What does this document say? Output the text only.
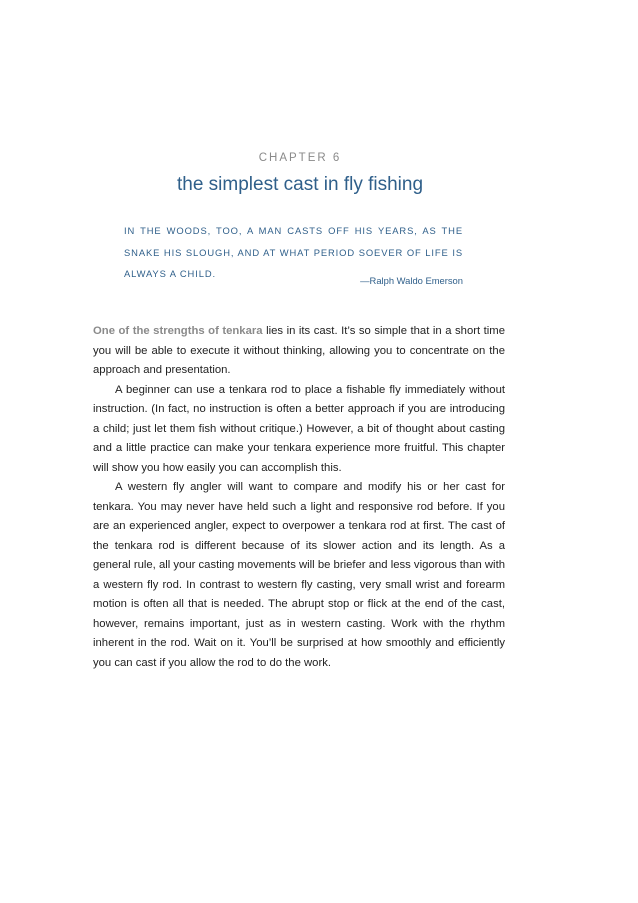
CHAPTER 6
the simplest cast in fly fishing
IN THE WOODS, TOO, A MAN CASTS OFF HIS YEARS, AS THE SNAKE HIS SLOUGH, AND AT WHAT PERIOD SOEVER OF LIFE IS ALWAYS A CHILD.
—Ralph Waldo Emerson

One of the strengths of tenkara lies in its cast. It’s so simple that in a short time you will be able to execute it without thinking, allowing you to concentrate on the approach and presentation.

A beginner can use a tenkara rod to place a fishable fly immediately without instruction. (In fact, no instruction is often a better approach if you are introducing a child; just let them fish without critique.) However, a bit of thought about casting and a little practice can make your tenkara experience more fruitful. This chapter will show you how easily you can accomplish this.

A western fly angler will want to compare and modify his or her cast for tenkara. You may never have held such a light and responsive rod before. If you are an experienced angler, expect to overpower a tenkara rod at first. The cast of the tenkara rod is different because of its slower action and its length. As a general rule, all your casting movements will be briefer and less vigorous than with a western fly rod. In contrast to western fly casting, very small wrist and forearm motion is often all that is needed. The abrupt stop or flick at the end of the cast, however, remains important, just as in western casting. Work with the rhythm inherent in the rod. Wait on it. You’ll be surprised at how smoothly and efficiently you can cast if you allow the rod to do the work.
